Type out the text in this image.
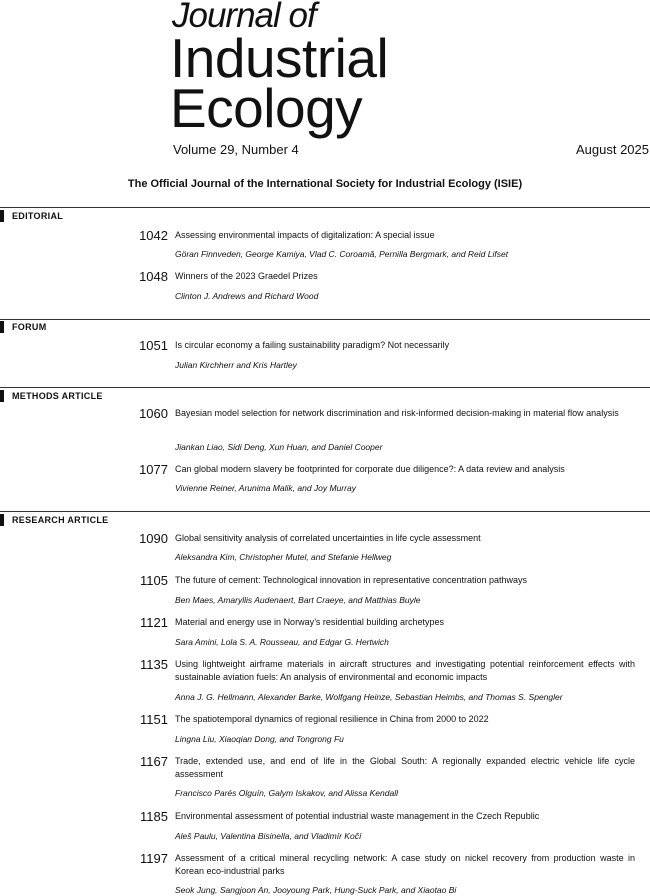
Journal of
Industrial
Ecology
Volume 29, Number 4	August 2025
The Official Journal of the International Society for Industrial Ecology (ISIE)
EDITORIAL
1042 Assessing environmental impacts of digitalization: A special issue
Göran Finnveden, George Kamiya, Vlad C. Coroamă, Pernilla Bergmark, and Reid Lifset
1048 Winners of the 2023 Graedel Prizes
Clinton J. Andrews and Richard Wood
FORUM
1051 Is circular economy a failing sustainability paradigm? Not necessarily
Julian Kirchherr and Kris Hartley
METHODS ARTICLE
1060 Bayesian model selection for network discrimination and risk-informed decision-making in material flow analysis
Jiankan Liao, Sidi Deng, Xun Huan, and Daniel Cooper
1077 Can global modern slavery be footprinted for corporate due diligence?: A data review and analysis
Vivienne Reiner, Arunima Malik, and Joy Murray
RESEARCH ARTICLE
1090 Global sensitivity analysis of correlated uncertainties in life cycle assessment
Aleksandra Kim, Christopher Mutel, and Stefanie Hellweg
1105 The future of cement: Technological innovation in representative concentration pathways
Ben Maes, Amaryllis Audenaert, Bart Craeye, and Matthias Buyle
1121 Material and energy use in Norway’s residential building archetypes
Sara Amini, Lola S. A. Rousseau, and Edgar G. Hertwich
1135 Using lightweight airframe materials in aircraft structures and investigating potential reinforcement effects with sustainable aviation fuels: An analysis of environmental and economic impacts
Anna J. G. Hellmann, Alexander Barke, Wolfgang Heinze, Sebastian Heimbs, and Thomas S. Spengler
1151 The spatiotemporal dynamics of regional resilience in China from 2000 to 2022
Lingna Liu, Xiaoqian Dong, and Tongrong Fu
1167 Trade, extended use, and end of life in the Global South: A regionally expanded electric vehicle life cycle assessment
Francisco Parés Olguín, Galym Iskakov, and Alissa Kendall
1185 Environmental assessment of potential industrial waste management in the Czech Republic
Aleš Paulu, Valentina Bisinella, and Vladimír Kočí
1197 Assessment of a critical mineral recycling network: A case study on nickel recovery from production waste in Korean eco-industrial parks
Seok Jung, Sangjoon An, Jooyoung Park, Hung-Suck Park, and Xiaotao Bi
